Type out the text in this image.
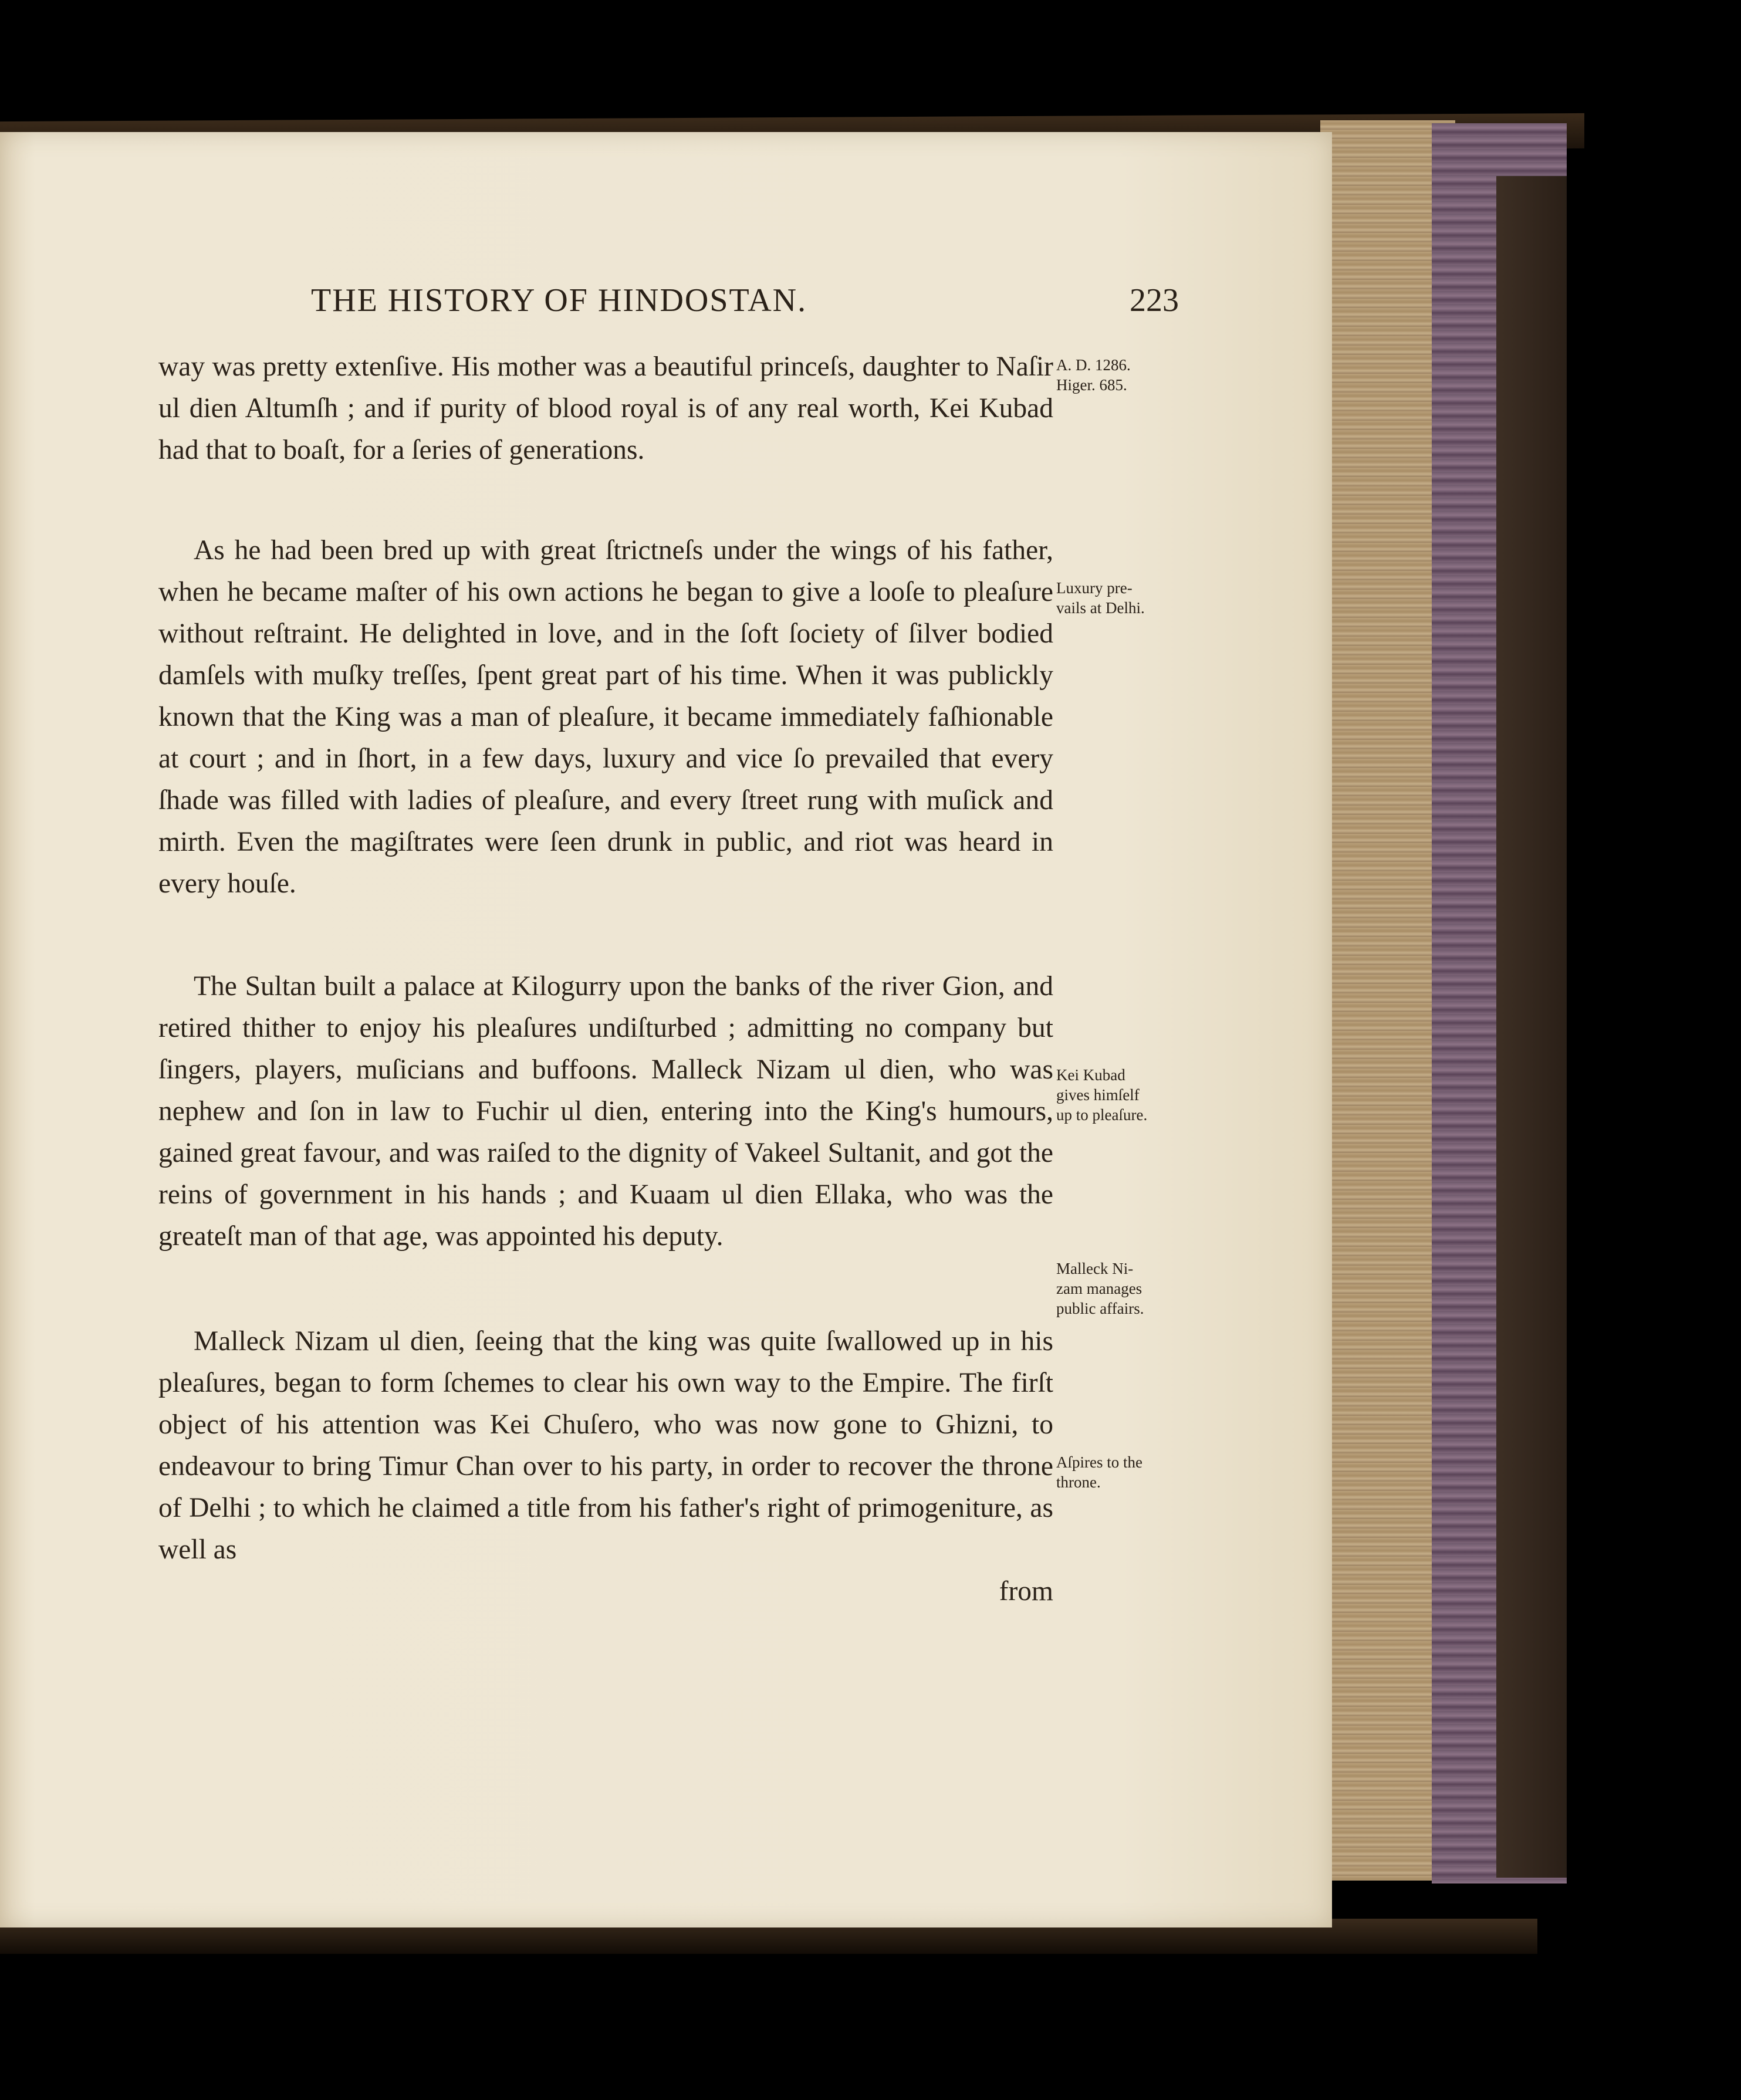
THE HISTORY OF HINDOSTAN.	223

way was pretty extenſive. His mother was a beautiful princeſs, daughter to Naſir ul dien Altumſh ; and if purity of blood royal is of any real worth, Kei Kubad had that to boaſt, for a ſeries of generations.

As he had been bred up with great ſtrictneſs under the wings of his father, when he became maſter of his own actions he began to give a looſe to pleaſure without reſtraint. He delighted in love, and in the ſoft ſociety of ſilver bodied damſels with muſky treſſes, ſpent great part of his time. When it was publickly known that the King was a man of pleaſure, it became immediately faſhionable at court ; and in ſhort, in a few days, luxury and vice ſo prevailed that every ſhade was filled with ladies of pleaſure, and every ſtreet rung with muſick and mirth. Even the magiſtrates were ſeen drunk in public, and riot was heard in every houſe.

The Sultan built a palace at Kilogurry upon the banks of the river Gion, and retired thither to enjoy his pleaſures undiſturbed ; admitting no company but ſingers, players, muſicians and buffoons. Malleck Nizam ul dien, who was nephew and ſon in law to Fuchir ul dien, entering into the King's humours, gained great favour, and was raiſed to the dignity of Vakeel Sultanit, and got the reins of government in his hands ; and Kuaam ul dien Ellaka, who was the greateſt man of that age, was appointed his deputy.

Malleck Nizam ul dien, ſeeing that the king was quite ſwallowed up in his pleaſures, began to form ſchemes to clear his own way to the Empire. The firſt object of his attention was Kei Chuſero, who was now gone to Ghizni, to endeavour to bring Timur Chan over to his party, in order to recover the throne of Delhi ; to which he claimed a title from his father's right of primogeniture, as well as

from

A. D. 1286.
Higer. 685.
Luxury pre-
vails at Delhi.
Kei Kubad
gives himſelf
up to pleaſure.
Malleck Ni-
zam manages
public affairs.
Aſpires to the
throne.
